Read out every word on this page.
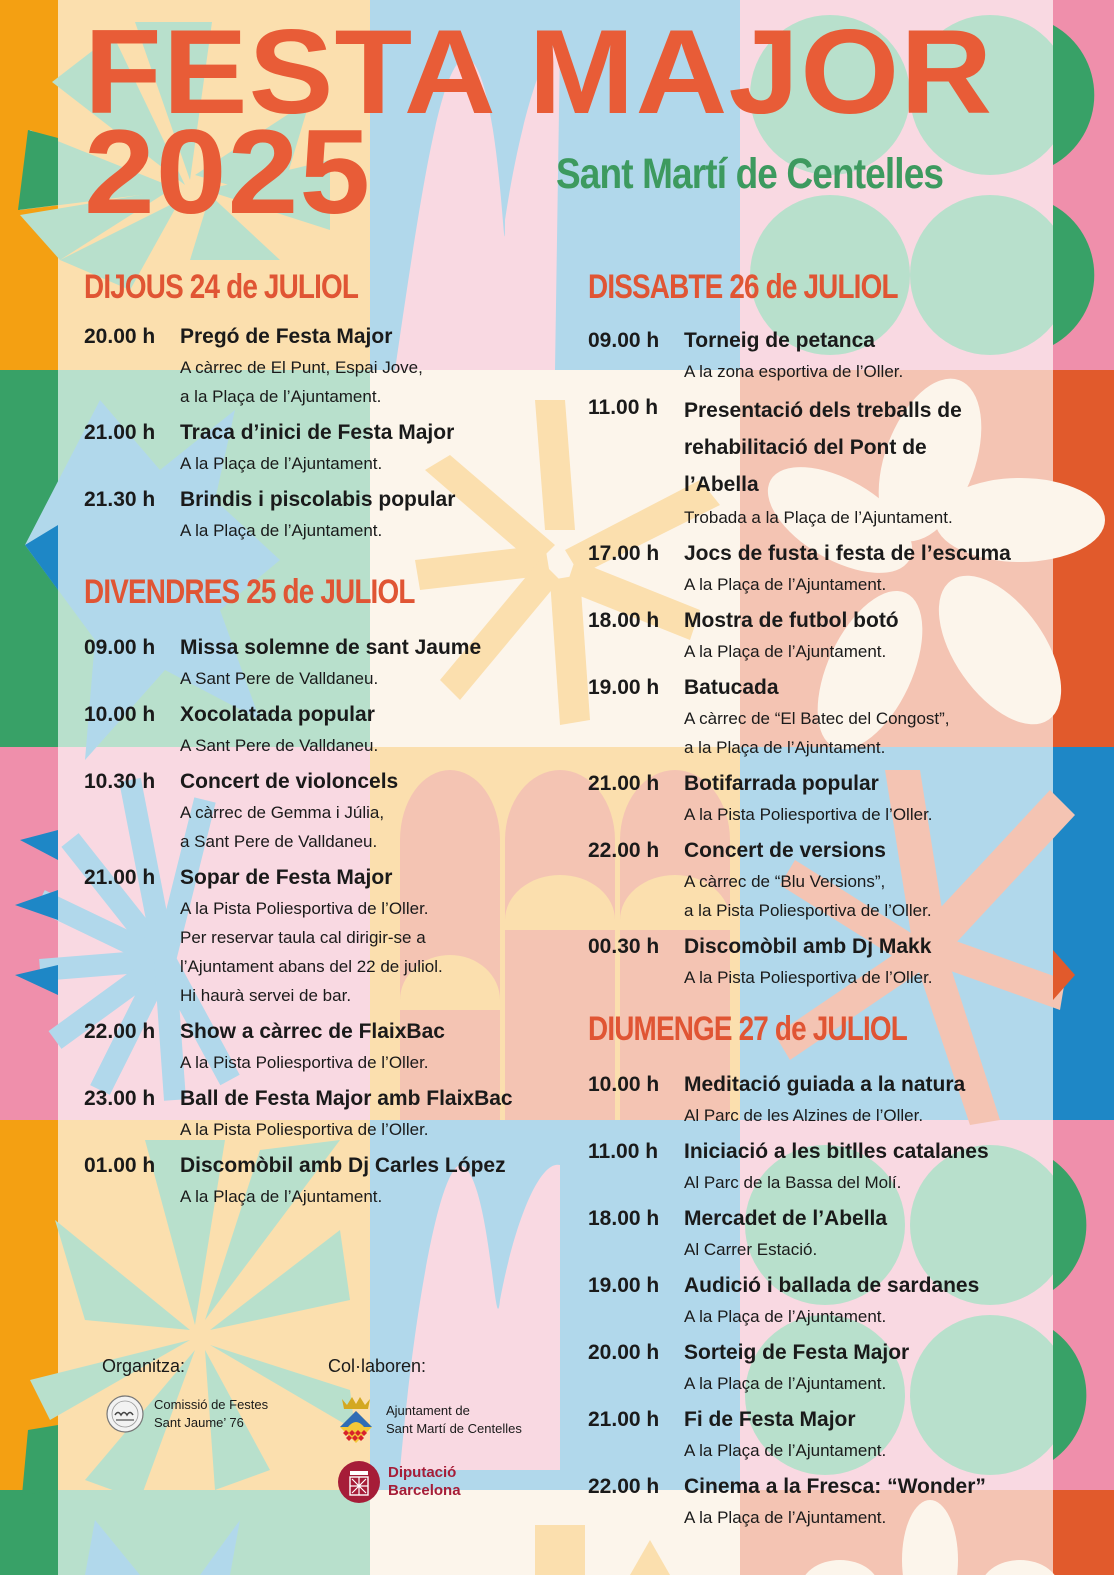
FESTA MAJOR
2025	Sant Martí de Centelles
DIJOUS 24 de JULIOL
20.00 h	Pregó de Festa Major
A càrrec de El Punt, Espai Jove,
a la Plaça de l’Ajuntament.
21.00 h	Traca d’inici de Festa Major
A la Plaça de l’Ajuntament.
21.30 h	Brindis i piscolabis popular
A la Plaça de l’Ajuntament.
DIVENDRES 25 de JULIOL
09.00 h	Missa solemne de sant Jaume
A Sant Pere de Valldaneu.
10.00 h	Xocolatada popular
A Sant Pere de Valldaneu.
10.30 h	Concert de violoncels
A càrrec de Gemma i Júlia,
a Sant Pere de Valldaneu.
21.00 h	Sopar de Festa Major
A la Pista Poliesportiva de l’Oller.
Per reservar taula cal dirigir-se a
l’Ajuntament abans del 22 de juliol.
Hi haurà servei de bar.
22.00 h	Show a càrrec de FlaixBac
A la Pista Poliesportiva de l’Oller.
23.00 h	Ball de Festa Major amb FlaixBac
A la Pista Poliesportiva de l’Oller.
01.00 h	Discomòbil amb Dj Carles López
A la Plaça de l’Ajuntament.
DISSABTE 26 de JULIOL
09.00 h	Torneig de petanca
A la zona esportiva de l’Oller.
11.00 h	Presentació dels treballs de rehabilitació del Pont de l’Abella
Trobada a la Plaça de l’Ajuntament.
17.00 h	Jocs de fusta i festa de l’escuma
A la Plaça de l’Ajuntament.
18.00 h	Mostra de futbol botó
A la Plaça de l’Ajuntament.
19.00 h	Batucada
A càrrec de “El Batec del Congost”,
a la Plaça de l’Ajuntament.
21.00 h	Botifarrada popular
A la Pista Poliesportiva de l’Oller.
22.00 h	Concert de versions
A càrrec de “Blu Versions”,
a la Pista Poliesportiva de l’Oller.
00.30 h	Discomòbil amb Dj Makk
A la Pista Poliesportiva de l’Oller.
DIUMENGE 27 de JULIOL
10.00 h	Meditació guiada a la natura
Al Parc de les Alzines de l’Oller.
11.00 h	Iniciació a les bitlles catalanes
Al Parc de la Bassa del Molí.
18.00 h	Mercadet de l’Abella
Al Carrer Estació.
19.00 h	Audició i ballada de sardanes
A la Plaça de l’Ajuntament.
20.00 h	Sorteig de Festa Major
A la Plaça de l’Ajuntament.
21.00 h	Fi de Festa Major
A la Plaça de l’Ajuntament.
22.00 h	Cinema a la Fresca: “Wonder”
A la Plaça de l’Ajuntament.
Organitza:
Comissió de Festes
Sant Jaume’ 76
Col·laboren:
Ajuntament de
Sant Martí de Centelles
Diputació
Barcelona
